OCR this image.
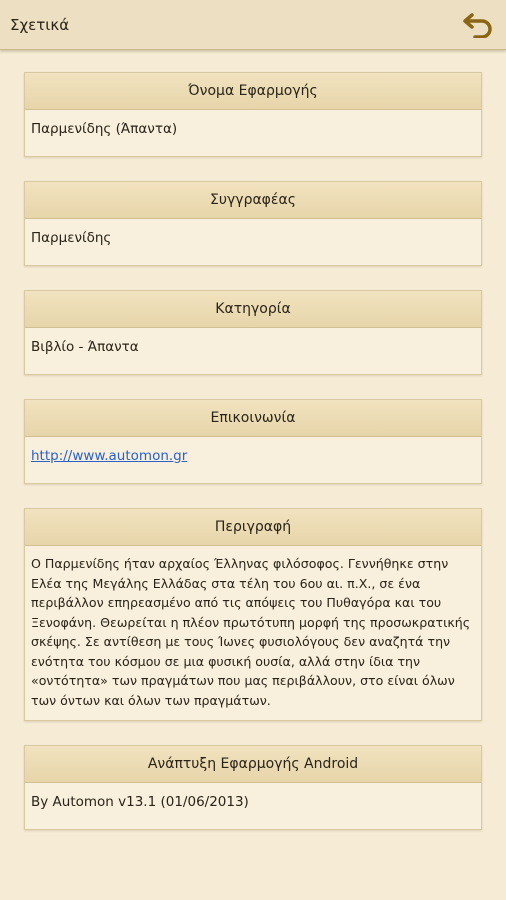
Σχετικά
Όνομα Εφαρμογής
Παρμενίδης (Άπαντα)
Συγγραφέας
Παρμενίδης
Κατηγορία
Βιβλίο - Άπαντα
Επικοινωνία
http://www.automon.gr
Περιγραφή
Ο Παρμενίδης ήταν αρχαίος Έλληνας φιλόσοφος. Γεννήθηκε στην Ελέα της Μεγάλης Ελλάδας στα τέλη του 6ου αι. π.Χ., σε ένα περιβάλλον επηρεασμένο από τις απόψεις του Πυθαγόρα και του Ξενοφάνη. Θεωρείται η πλέον πρωτότυπη μορφή της προσωκρατικής σκέψης. Σε αντίθεση με τους Ίωνες φυσιολόγους δεν αναζητά την ενότητα του κόσμου σε μια φυσική ουσία, αλλά στην ίδια την «οντότητα» των πραγμάτων που μας περιβάλλουν, στο είναι όλων των όντων και όλων των πραγμάτων.
Ανάπτυξη Εφαρμογής Android
By Automon v13.1 (01/06/2013)
